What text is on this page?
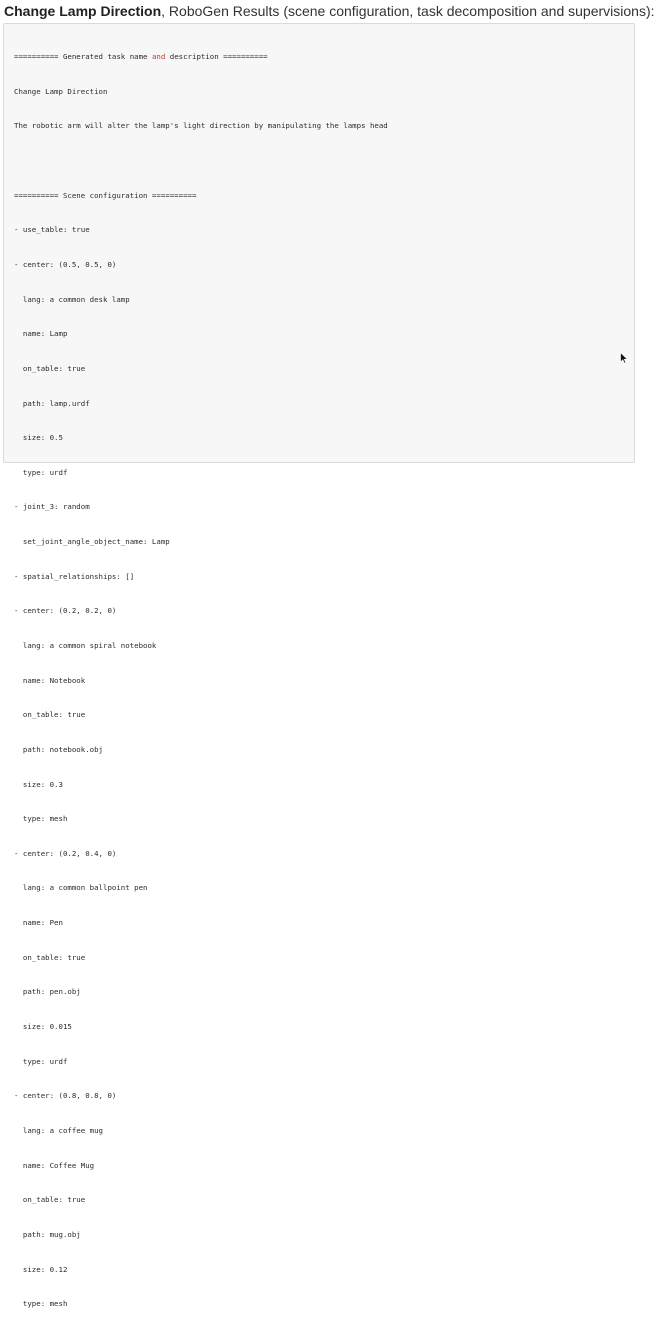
Change Lamp Direction, RoboGen Results (scene configuration, task decomposition and supervisions):

========== Generated task name and description ==========

Change Lamp Direction

The robotic arm will alter the lamp's light direction by manipulating the lamps head

========== Scene configuration ==========

- use_table: true

- center: (0.5, 0.5, 0)

lang: a common desk lamp

name: Lamp

on_table: true

path: lamp.urdf

size: 0.5

type: urdf

- joint_3: random

set_joint_angle_object_name: Lamp

- spatial_relationships: []

- center: (0.2, 0.2, 0)

lang: a common spiral notebook

name: Notebook

on_table: true

path: notebook.obj

size: 0.3

type: mesh

- center: (0.2, 0.4, 0)

lang: a common ballpoint pen

name: Pen

on_table: true

path: pen.obj

size: 0.015

type: urdf

- center: (0.8, 0.8, 0)

lang: a coffee mug

name: Coffee Mug

on_table: true

path: mug.obj

size: 0.12

type: mesh
